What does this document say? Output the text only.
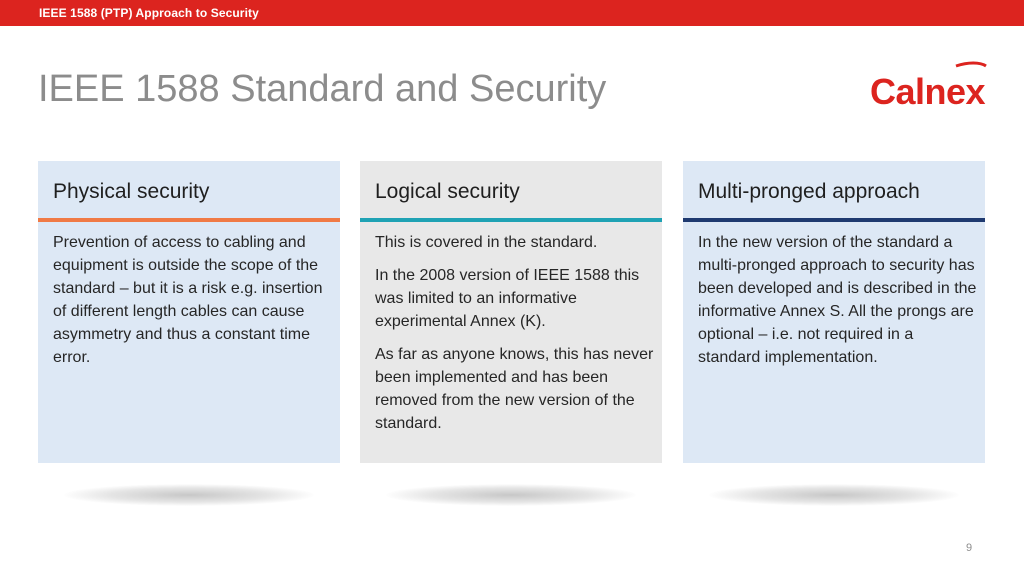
IEEE 1588 (PTP) Approach to Security
IEEE 1588 Standard and Security	Calnex
Physical security

Prevention of access to cabling and equipment is outside the scope of the standard – but it is a risk e.g. insertion of different length cables can cause asymmetry and thus a constant time error.

Logical security

This is covered in the standard.

In the 2008 version of IEEE 1588 this was limited to an informative experimental Annex (K).

As far as anyone knows, this has never been implemented and has been removed from the new version of the standard.

Multi-pronged approach

In the new version of the standard a multi-pronged approach to security has been developed and is described in the informative Annex S. All the prongs are optional – i.e. not required in a standard implementation.

9
